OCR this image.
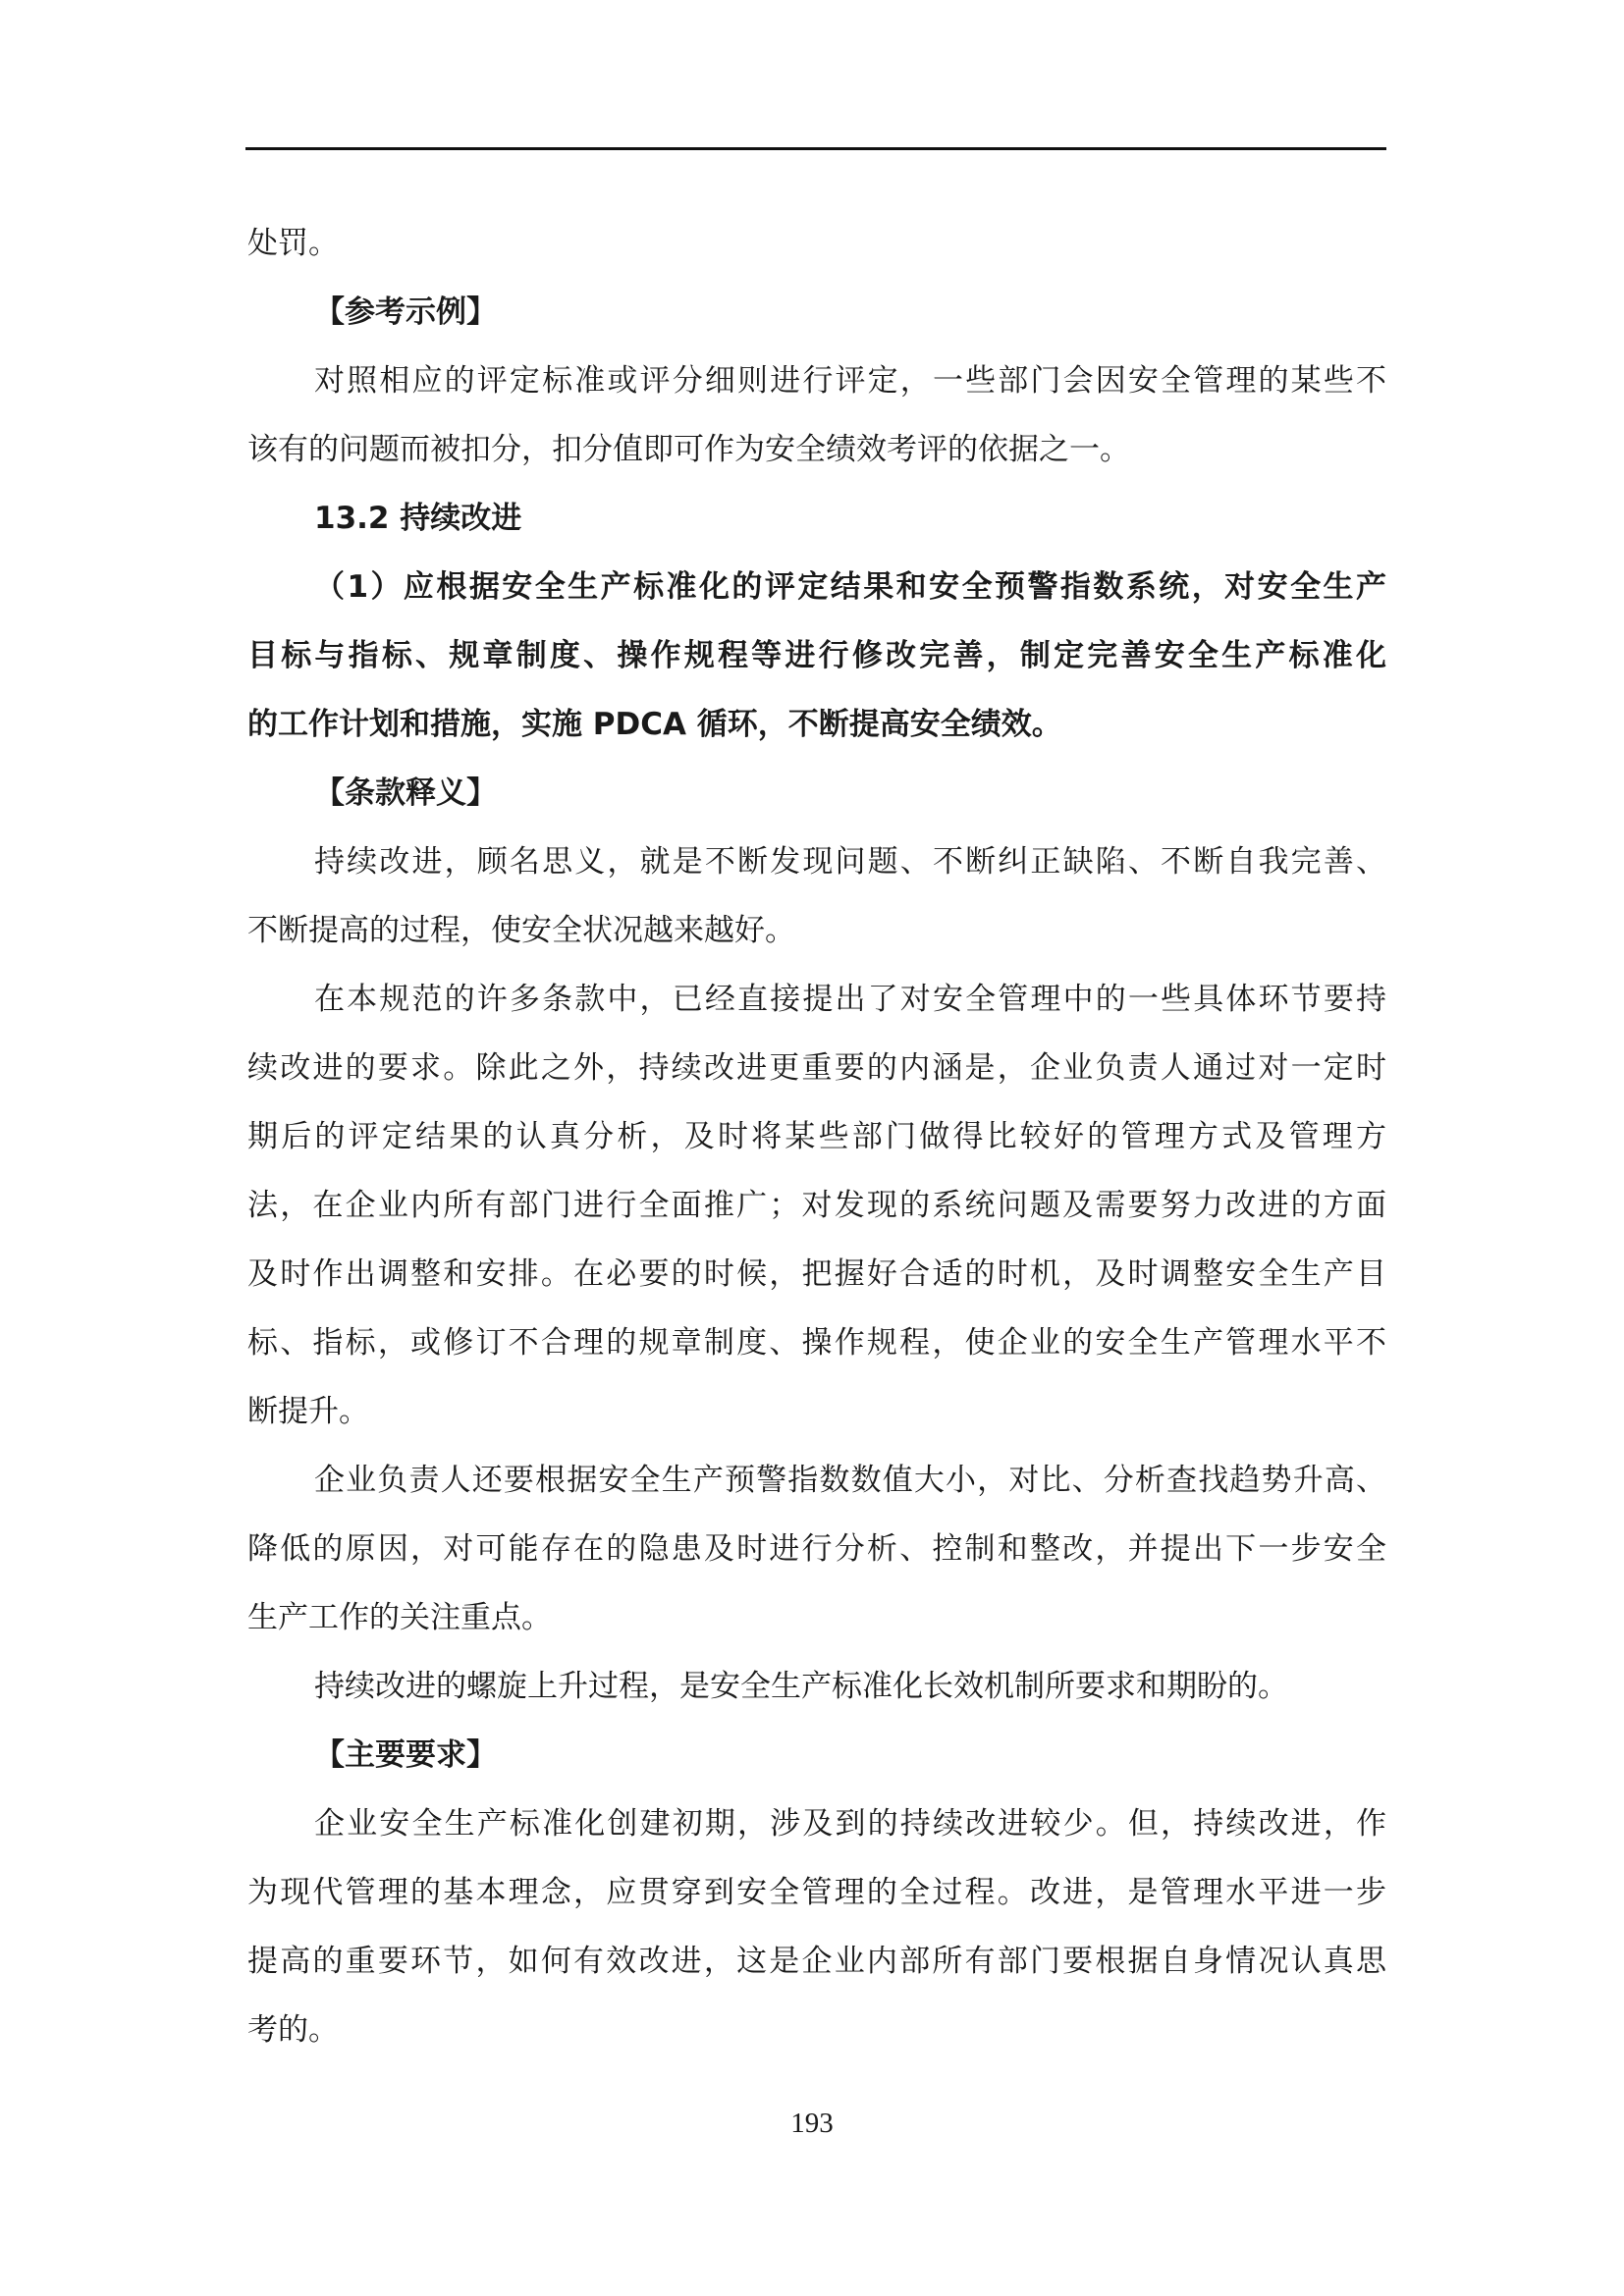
处罚。
【参考示例】
对照相应的评定标准或评分细则进行评定，一些部门会因安全管理的某些不
该有的问题而被扣分，扣分值即可作为安全绩效考评的依据之一。
13.2 持续改进
（1）应根据安全生产标准化的评定结果和安全预警指数系统，对安全生产
目标与指标、规章制度、操作规程等进行修改完善，制定完善安全生产标准化
的工作计划和措施，实施 PDCA 循环，不断提高安全绩效。
【条款释义】
持续改进，顾名思义，就是不断发现问题、不断纠正缺陷、不断自我完善、
不断提高的过程，使安全状况越来越好。
在本规范的许多条款中，已经直接提出了对安全管理中的一些具体环节要持
续改进的要求。除此之外，持续改进更重要的内涵是，企业负责人通过对一定时
期后的评定结果的认真分析，及时将某些部门做得比较好的管理方式及管理方
法，在企业内所有部门进行全面推广；对发现的系统问题及需要努力改进的方面
及时作出调整和安排。在必要的时候，把握好合适的时机，及时调整安全生产目
标、指标，或修订不合理的规章制度、操作规程，使企业的安全生产管理水平不
断提升。
企业负责人还要根据安全生产预警指数数值大小，对比、分析查找趋势升高、
降低的原因，对可能存在的隐患及时进行分析、控制和整改，并提出下一步安全
生产工作的关注重点。
持续改进的螺旋上升过程，是安全生产标准化长效机制所要求和期盼的。
【主要要求】
企业安全生产标准化创建初期，涉及到的持续改进较少。但，持续改进，作
为现代管理的基本理念，应贯穿到安全管理的全过程。改进，是管理水平进一步
提高的重要环节，如何有效改进，这是企业内部所有部门要根据自身情况认真思
考的。
193
